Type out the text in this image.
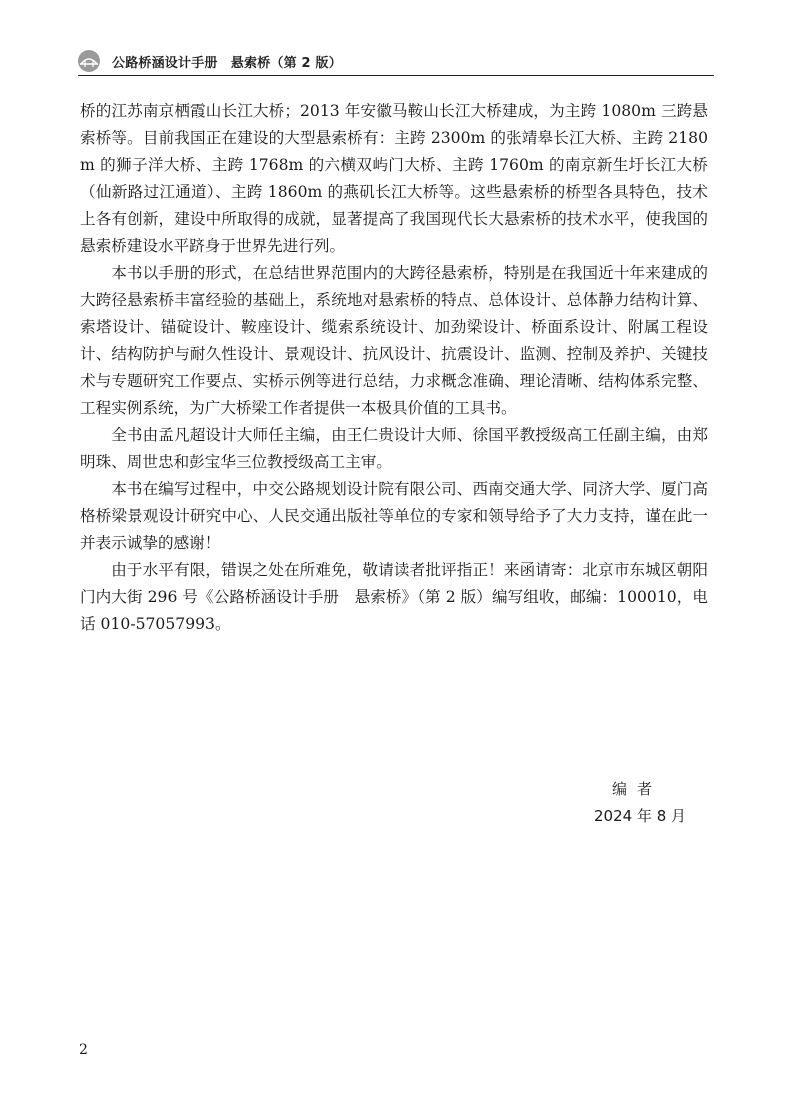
公路桥涵设计手册　悬索桥（第 2 版）

桥的江苏南京栖霞山长江大桥；2013 年安徽马鞍山长江大桥建成，为主跨 1080m 三跨悬索桥等。目前我国正在建设的大型悬索桥有：主跨 2300m 的张靖皋长江大桥、主跨 2180m 的狮子洋大桥、主跨 1768m 的六横双屿门大桥、主跨 1760m 的南京新生圩长江大桥（仙新路过江通道）、主跨 1860m 的燕矶长江大桥等。这些悬索桥的桥型各具特色，技术上各有创新，建设中所取得的成就，显著提高了我国现代长大悬索桥的技术水平，使我国的悬索桥建设水平跻身于世界先进行列。

本书以手册的形式，在总结世界范围内的大跨径悬索桥，特别是在我国近十年来建成的大跨径悬索桥丰富经验的基础上，系统地对悬索桥的特点、总体设计、总体静力结构计算、索塔设计、锚碇设计、鞍座设计、缆索系统设计、加劲梁设计、桥面系设计、附属工程设计、结构防护与耐久性设计、景观设计、抗风设计、抗震设计、监测、控制及养护、关键技术与专题研究工作要点、实桥示例等进行总结，力求概念准确、理论清晰、结构体系完整、工程实例系统，为广大桥梁工作者提供一本极具价值的工具书。

全书由孟凡超设计大师任主编，由王仁贵设计大师、徐国平教授级高工任副主编，由郑明珠、周世忠和彭宝华三位教授级高工主审。

本书在编写过程中，中交公路规划设计院有限公司、西南交通大学、同济大学、厦门高格桥梁景观设计研究中心、人民交通出版社等单位的专家和领导给予了大力支持，谨在此一并表示诚挚的感谢！

由于水平有限，错误之处在所难免，敬请读者批评指正！来函请寄：北京市东城区朝阳门内大街 296 号《公路桥涵设计手册　悬索桥》（第 2 版）编写组收，邮编：100010，电话 010-57057993。

编者
2024 年 8 月
2
